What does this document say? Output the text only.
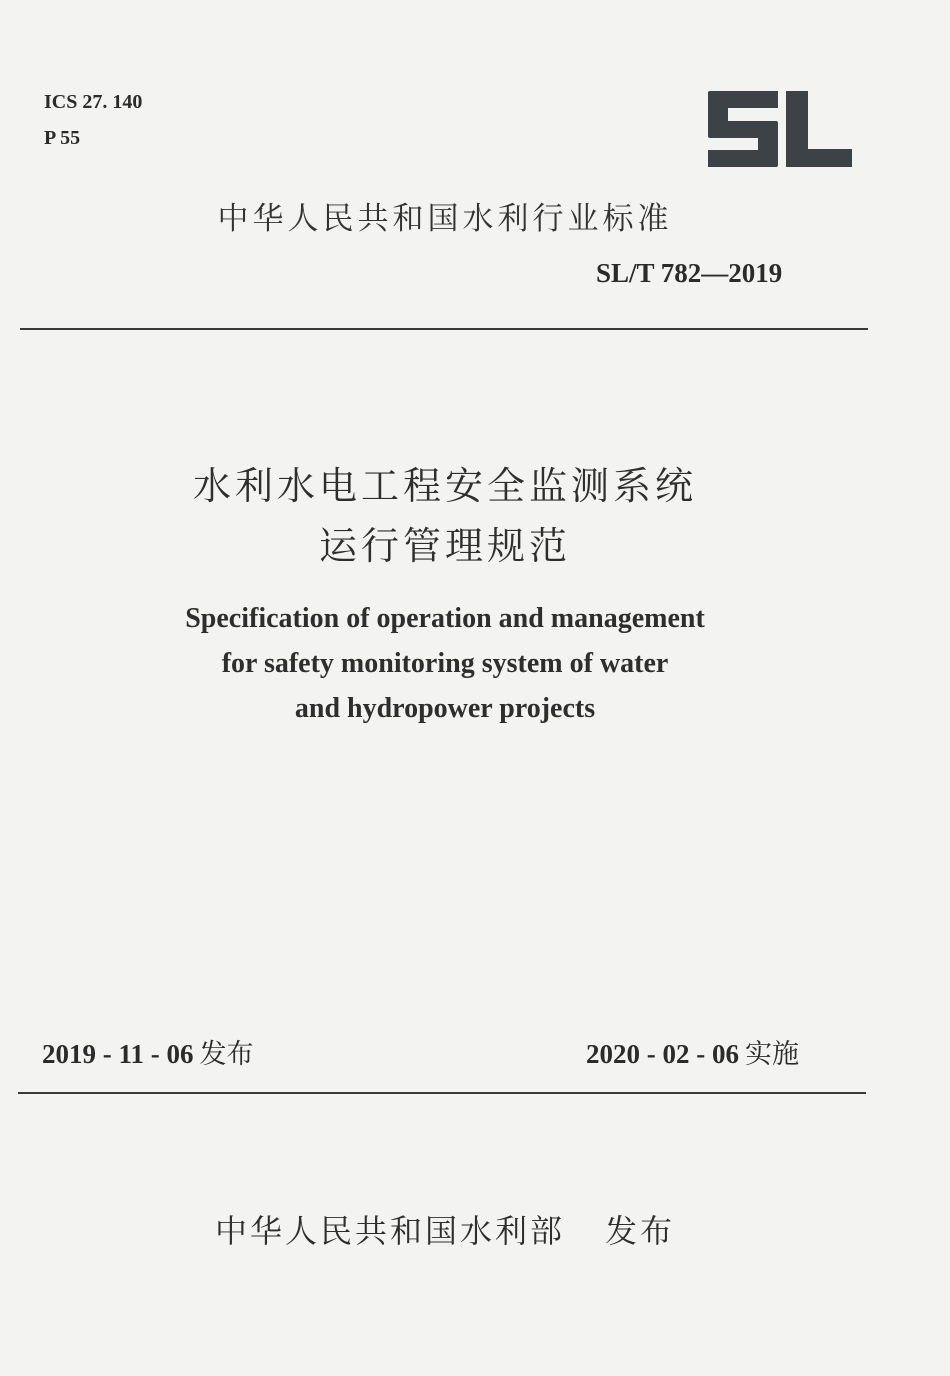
ICS 27. 140
P 55
中华人民共和国水利行业标准
SL/T 782—2019
水利水电工程安全监测系统
运行管理规范
Specification of operation and management
for safety monitoring system of water
and hydropower projects
2019 - 11 - 06 发布	2020 - 02 - 06 实施
中华人民共和国水利部 发布
